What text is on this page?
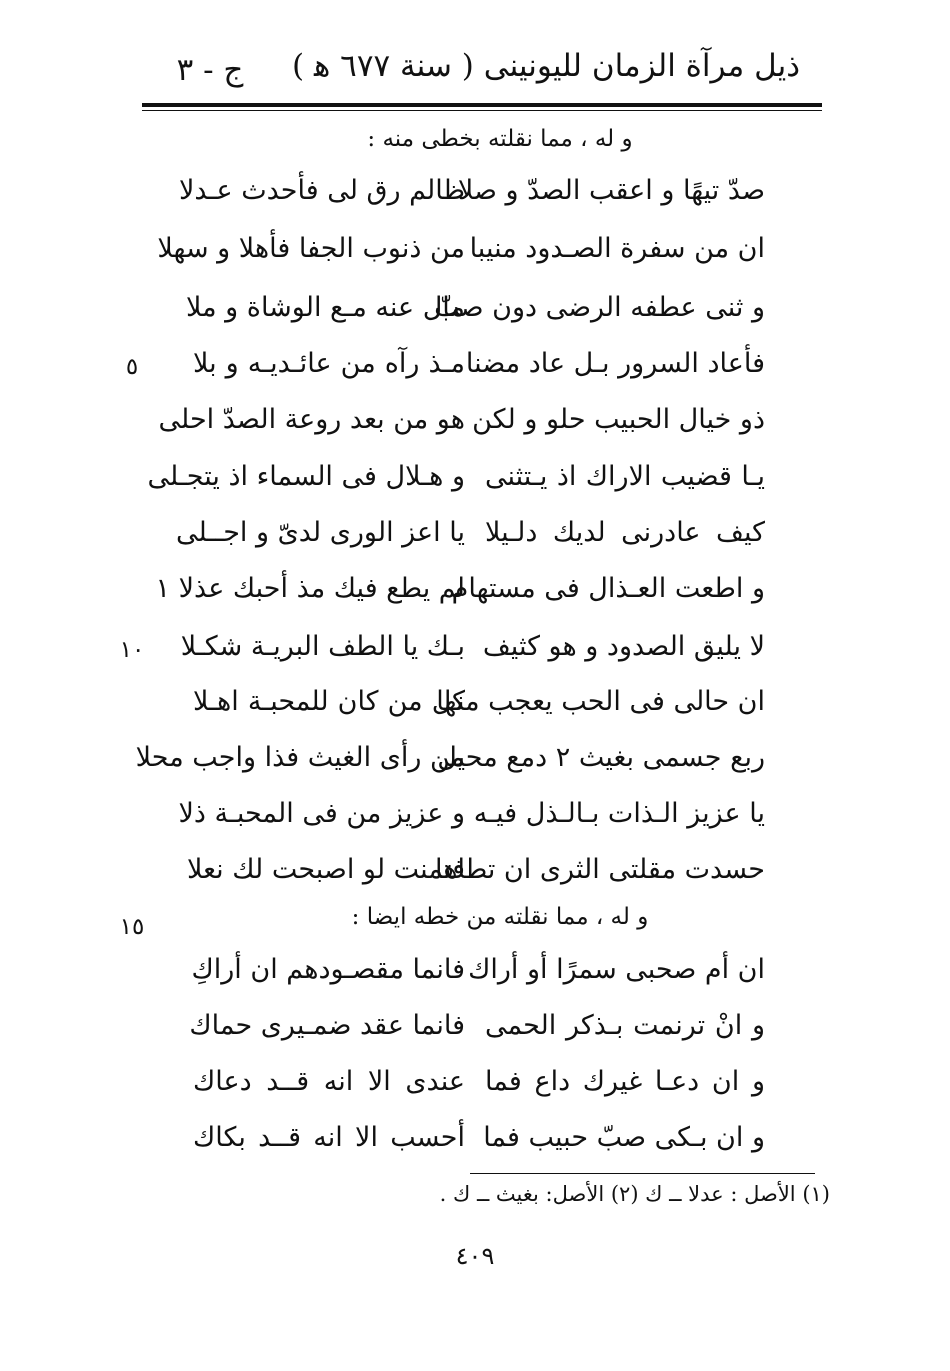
ذيل مرآة الزمان لليونينى ( سنة ٦٧٧ ﻫ )
ج - ٣
و له ، مما نقلته بخطى منه :
صدّ تيهًا و اعقب الصدّ و صلا
ظالم رق لى فأحدث عـدلا
ان من سفرة الصـدود منيبا
من ذنوب الجفا فأهلا و سهلا
و ثنى عطفه الرضى دون صبّ
مال عنه مـع الوشاة و ملا
فأعاد السرور بـل عاد مضنا
مـذ رآه من عائـديـه و بلا
ذو خيال الحبيب حلو و لكن
هو من بعد روعة الصدّ احلى
يـا قضيب الاراك اذ يـتثنى
و هـلال فى السماء اذ يتجـلى
كيف عادرنى لديك دلـيلا
يا اعز الورى لدىّ و اجــلى
و اطعت العـذال فى مستهام
لم يطع فيك مذ أحبك عذلا ١
لا يليق الصدود و هو كثيف
بـك يا الطف البريـة شكـلا
ان حالى فى الحب يعجب منها
كل من كان للمحبـة اهـلا
ربع جسمى بغيث ٢ دمع محيل
من رأى الغيث فذا واجب محلا
يا عزيز الـذات بـالـذل فيـه
و عزيز من فى المحبـة ذلا
حسدت مقلتى الثرى ان تطاها
فتمنت لو اصبحت لك نعلا
و له ، مما نقلته من خطه ايضا :
ان أم صحبى سمرًا أو أراك
فانما مقصـودهم ان أراكِ
و انْ ترنمت بـذكر الحمى
فانما عقد ضمـيرى حماك
و ان دعـا غيرك داع فما
عندى الا انه قــد دعاك
و ان بـكى صبّ حبيب فما
أحسب الا انه قــد بكاك
٥
١٠
١٥
(١) الأصل : عدلا ــ ك (٢) الأصل: بغيث ــ ك .
٤٠٩
